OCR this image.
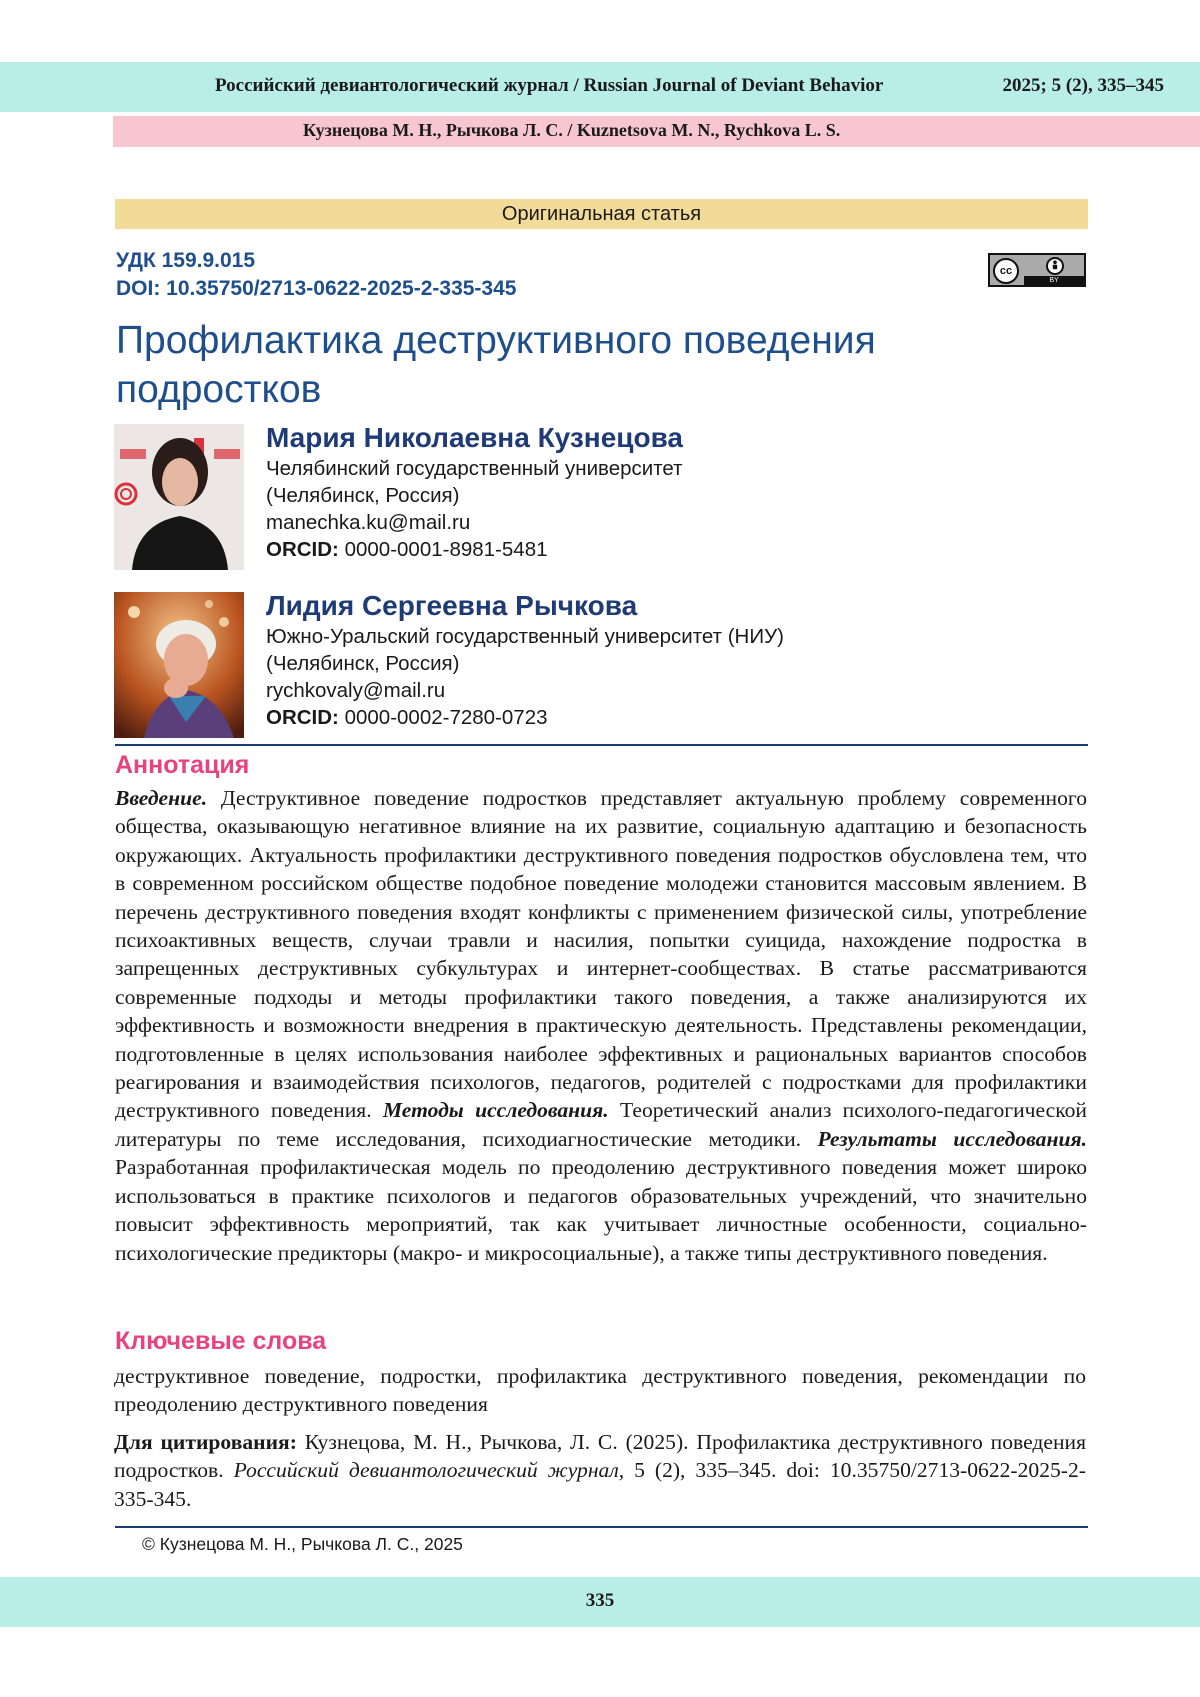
Российский девиантологический журнал / Russian Journal of Deviant Behavior	2025; 5 (2), 335–345
Кузнецова М. Н., Рычкова Л. С. / Kuznetsova M. N., Rychkova L. S.
Оригинальная статья
УДК 159.9.015
DOI: 10.35750/2713-0622-2025-2-335-345
cc
BY
Профилактика деструктивного поведения подростков
Мария Николаевна Кузнецова
Челябинский государственный университет
(Челябинск, Россия)
manechka.ku@mail.ru
ORCID: 0000-0001-8981-5481
Лидия Сергеевна Рычкова
Южно-Уральский государственный университет (НИУ)
(Челябинск, Россия)
rychkovaly@mail.ru
ORCID: 0000-0002-7280-0723
Аннотация

Введение. Деструктивное поведение подростков представляет актуальную проблему современного общества, оказывающую негативное влияние на их развитие, социальную адаптацию и безопасность окружающих. Актуальность профилактики деструктивного поведения подростков обусловлена тем, что в современном российском обществе подобное поведение молодежи становится массовым явлением. В перечень деструктивного поведения входят конфликты с применением физической силы, употребление психоактивных веществ, случаи травли и насилия, попытки суицида, нахождение подростка в запрещенных деструктивных субкультурах и интернет-сообществах. В статье рассматриваются современные подходы и методы профилактики такого поведения, а также анализируются их эффективность и возможности внедрения в практическую деятельность. Представлены рекомендации, подготовленные в целях использования наиболее эффективных и рациональных вариантов способов реагирования и взаимодействия психологов, педагогов, родителей с подростками для профилактики деструктивного поведения. Методы исследования. Теоретический анализ психолого-педагогической литературы по теме исследования, психодиагностические методики. Результаты исследования. Разработанная профилактическая модель по преодолению деструктивного поведения может широко использоваться в практике психологов и педагогов образовательных учреждений, что значительно повысит эффективность мероприятий, так как учитывает личностные особенности, социально-психологические предикторы (макро- и микросоциальные), а также типы деструктивного поведения.

Ключевые слова

деструктивное поведение, подростки, профилактика деструктивного поведения, рекомендации по преодолению деструктивного поведения

Для цитирования: Кузнецова, М. Н., Рычкова, Л. С. (2025). Профилактика деструктивного поведения подростков. Российский девиантологический журнал, 5 (2), 335–345. doi: 10.35750/2713-0622-2025-2-335-345.

© Кузнецова М. Н., Рычкова Л. С., 2025
335
